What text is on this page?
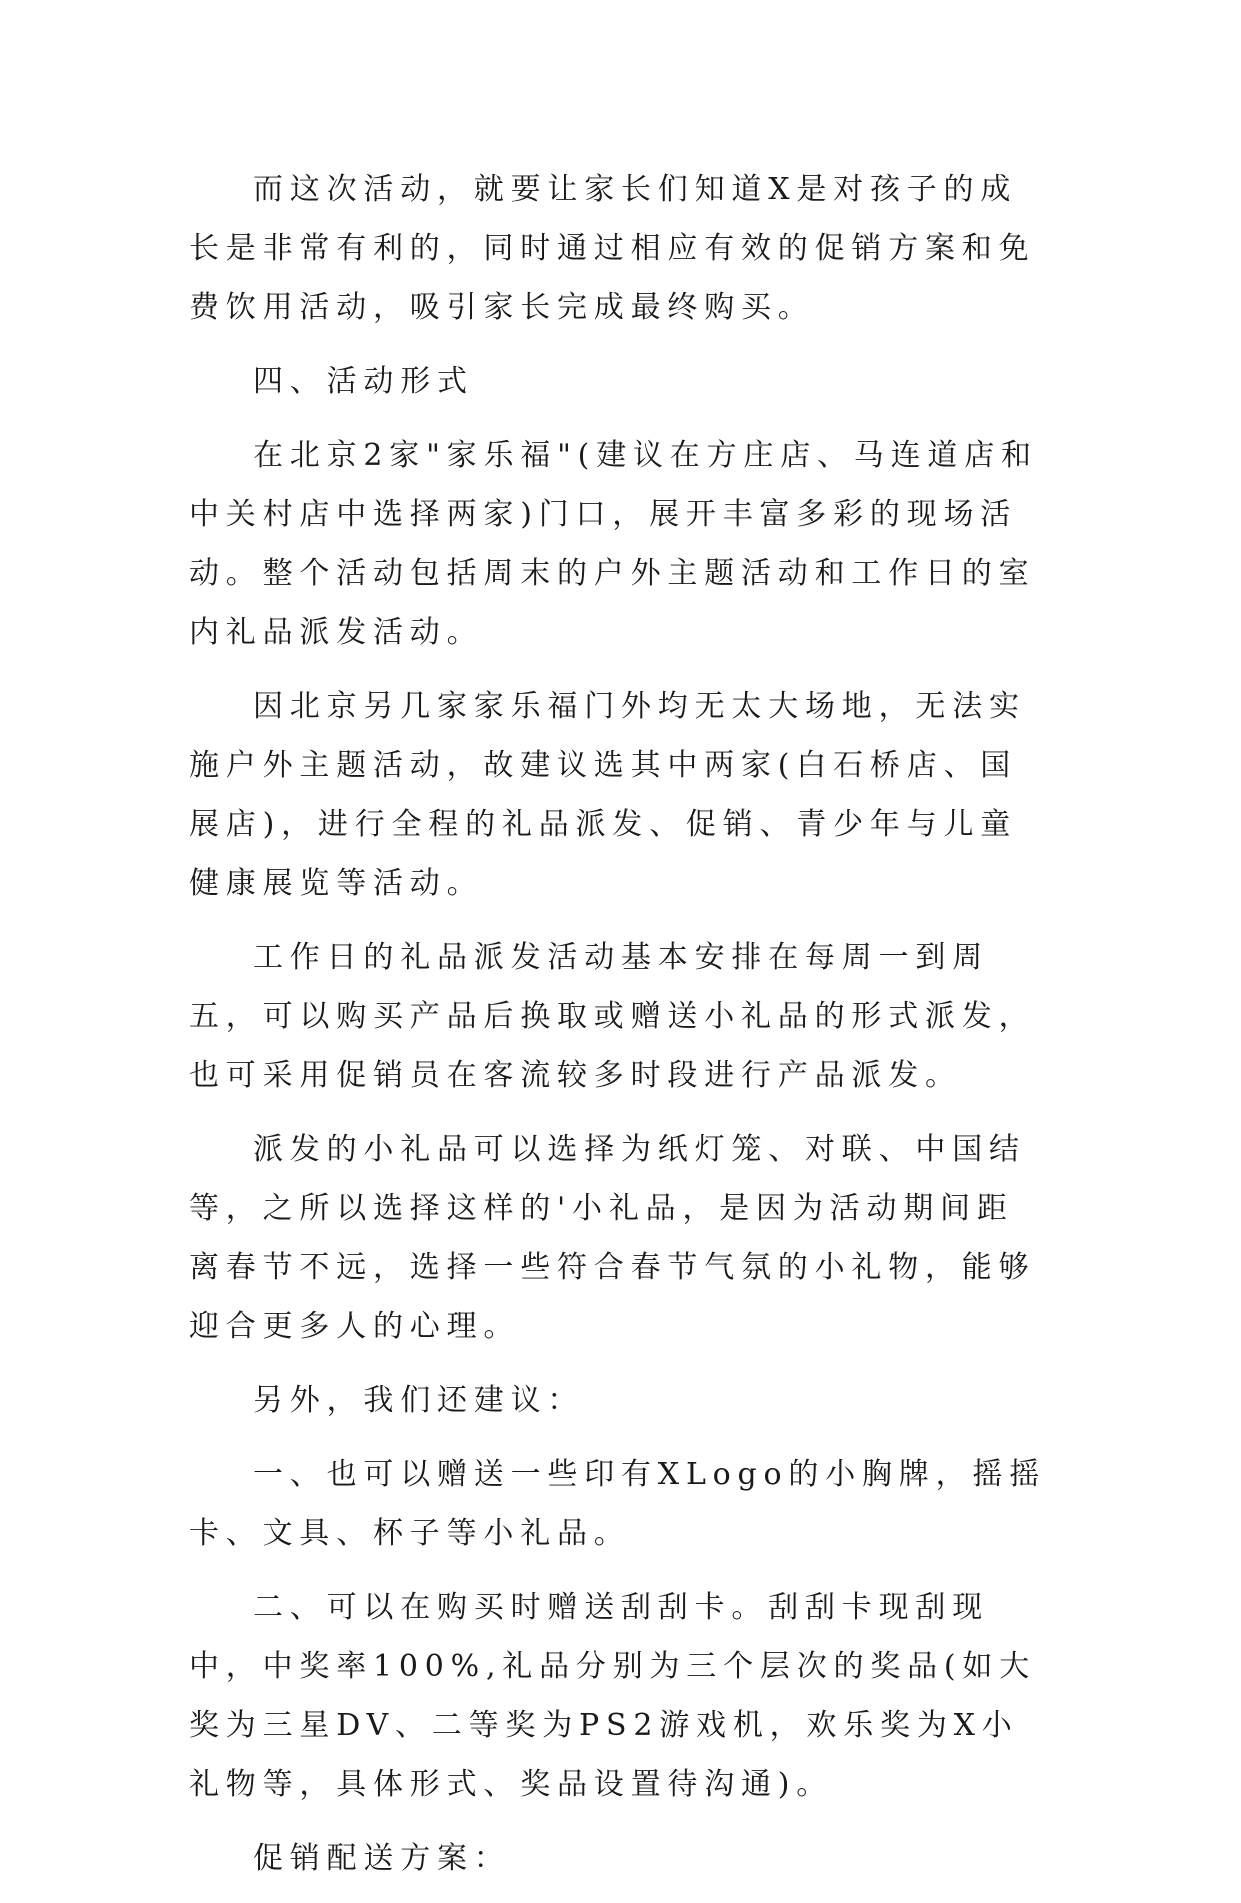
而这次活动，就要让家长们知道X是对孩子的成长是非常有利的，同时通过相应有效的促销方案和免费饮用活动，吸引家长完成最终购买。

四、活动形式

在北京2家"家乐福"(建议在方庄店、马连道店和中关村店中选择两家)门口，展开丰富多彩的现场活动。整个活动包括周末的户外主题活动和工作日的室内礼品派发活动。

因北京另几家家乐福门外均无太大场地，无法实施户外主题活动，故建议选其中两家(白石桥店、国展店)，进行全程的礼品派发、促销、青少年与儿童健康展览等活动。

工作日的礼品派发活动基本安排在每周一到周五，可以购买产品后换取或赠送小礼品的形式派发，也可采用促销员在客流较多时段进行产品派发。

派发的小礼品可以选择为纸灯笼、对联、中国结等，之所以选择这样的'小礼品，是因为活动期间距离春节不远，选择一些符合春节气氛的小礼物，能够迎合更多人的心理。

另外，我们还建议：

一、也可以赠送一些印有XLogo的小胸牌，摇摇卡、文具、杯子等小礼品。

二、可以在购买时赠送刮刮卡。刮刮卡现刮现中，中奖率100%,礼品分别为三个层次的奖品(如大奖为三星DV、二等奖为PS2游戏机，欢乐奖为X小礼物等，具体形式、奖品设置待沟通)。

促销配送方案：
